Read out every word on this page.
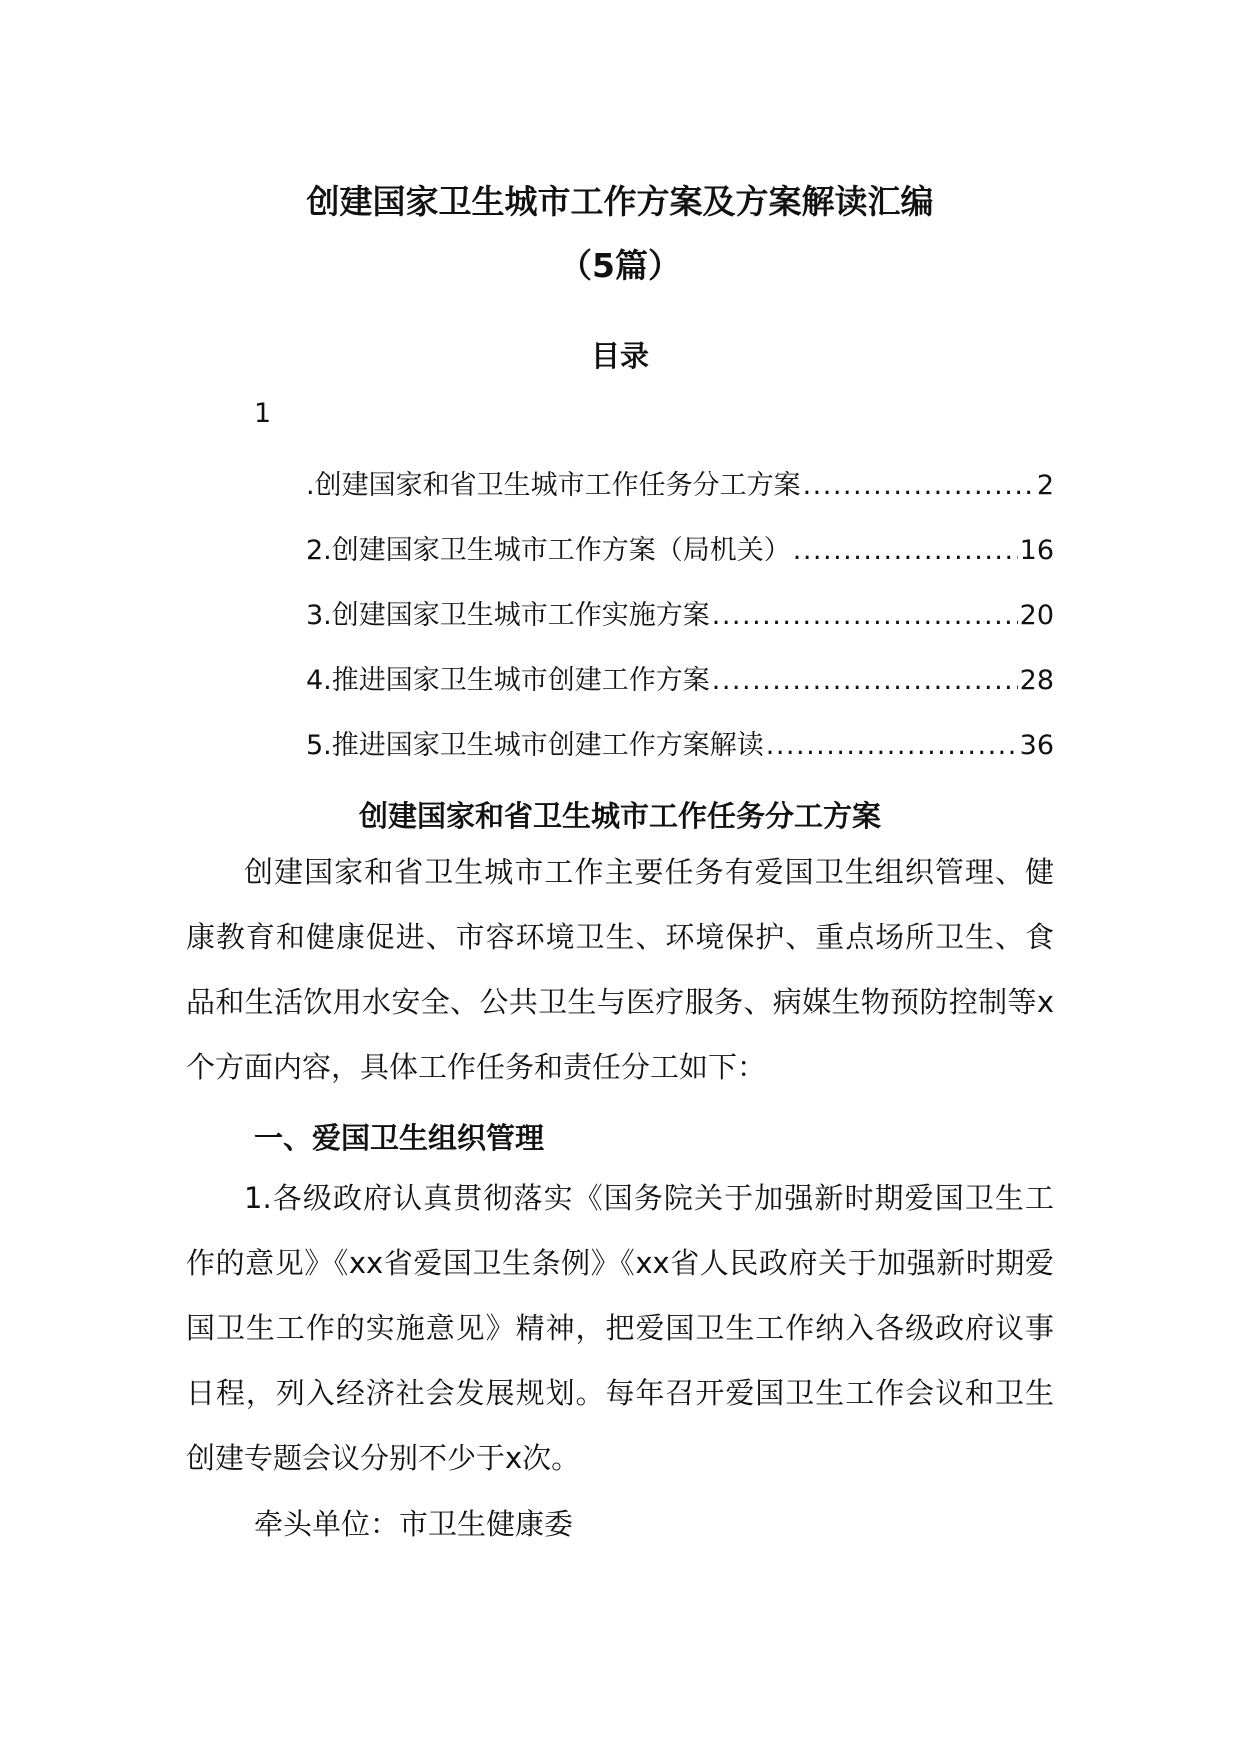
创建国家卫生城市工作方案及方案解读汇编
（5篇）
目录
1
.创建国家和省卫生城市工作任务分工方案 .....	2
2.创建国家卫生城市工作方案（局机关） .....	16
3.创建国家卫生城市工作实施方案 .....	20
4.推进国家卫生城市创建工作方案 .....	28
5.推进国家卫生城市创建工作方案解读 .....	36
创建国家和省卫生城市工作任务分工方案
创建国家和省卫生城市工作主要任务有爱国卫生组织管理、健康教育和健康促进、市容环境卫生、环境保护、重点场所卫生、食品和生活饮用水安全、公共卫生与医疗服务、病媒生物预防控制等x个方面内容，具体工作任务和责任分工如下：
一、爱国卫生组织管理
1.各级政府认真贯彻落实《国务院关于加强新时期爱国卫生工作的意见》《xx省爱国卫生条例》《xx省人民政府关于加强新时期爱国卫生工作的实施意见》精神，把爱国卫生工作纳入各级政府议事日程，列入经济社会发展规划。每年召开爱国卫生工作会议和卫生创建专题会议分别不少于x次。
牵头单位：市卫生健康委
